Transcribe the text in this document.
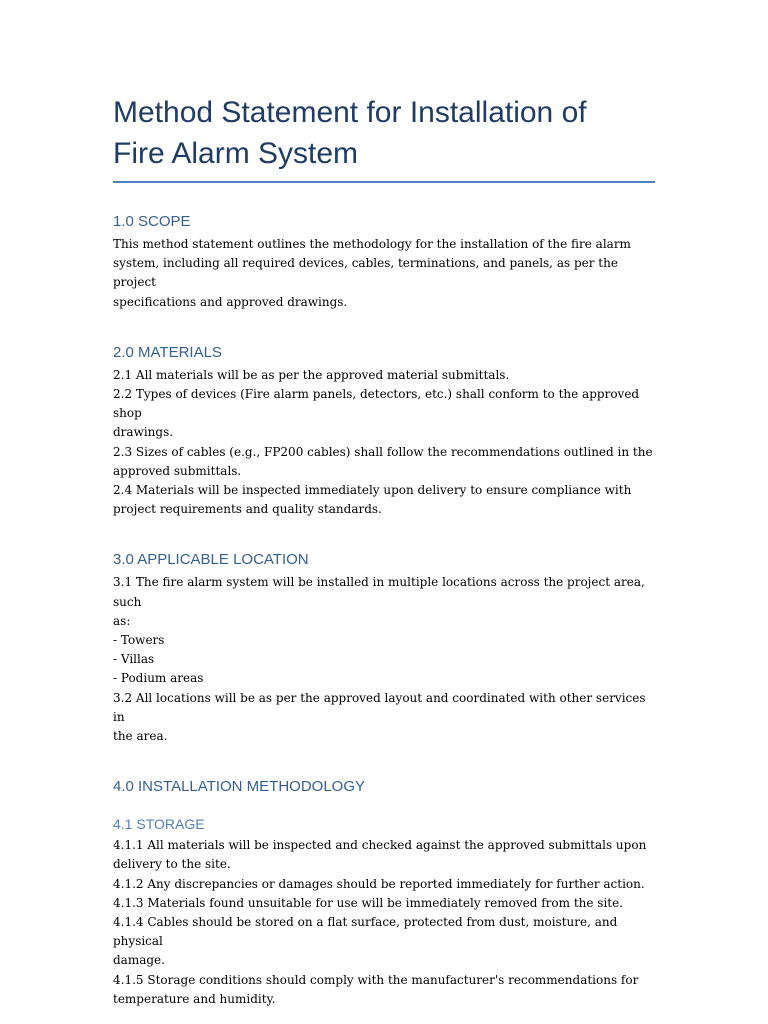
Method Statement for Installation of
Fire Alarm System
1.0 SCOPE

This method statement outlines the methodology for the installation of the fire alarm
system, including all required devices, cables, terminations, and panels, as per the project
specifications and approved drawings.

2.0 MATERIALS

2.1 All materials will be as per the approved material submittals.
2.2 Types of devices (Fire alarm panels, detectors, etc.) shall conform to the approved shop
drawings.
2.3 Sizes of cables (e.g., FP200 cables) shall follow the recommendations outlined in the
approved submittals.
2.4 Materials will be inspected immediately upon delivery to ensure compliance with
project requirements and quality standards.

3.0 APPLICABLE LOCATION

3.1 The fire alarm system will be installed in multiple locations across the project area, such
as:
- Towers
- Villas
- Podium areas
3.2 All locations will be as per the approved layout and coordinated with other services in
the area.

4.0 INSTALLATION METHODOLOGY
4.1 STORAGE

4.1.1 All materials will be inspected and checked against the approved submittals upon
delivery to the site.
4.1.2 Any discrepancies or damages should be reported immediately for further action.
4.1.3 Materials found unsuitable for use will be immediately removed from the site.
4.1.4 Cables should be stored on a flat surface, protected from dust, moisture, and physical
damage.
4.1.5 Storage conditions should comply with the manufacturer's recommendations for
temperature and humidity.
